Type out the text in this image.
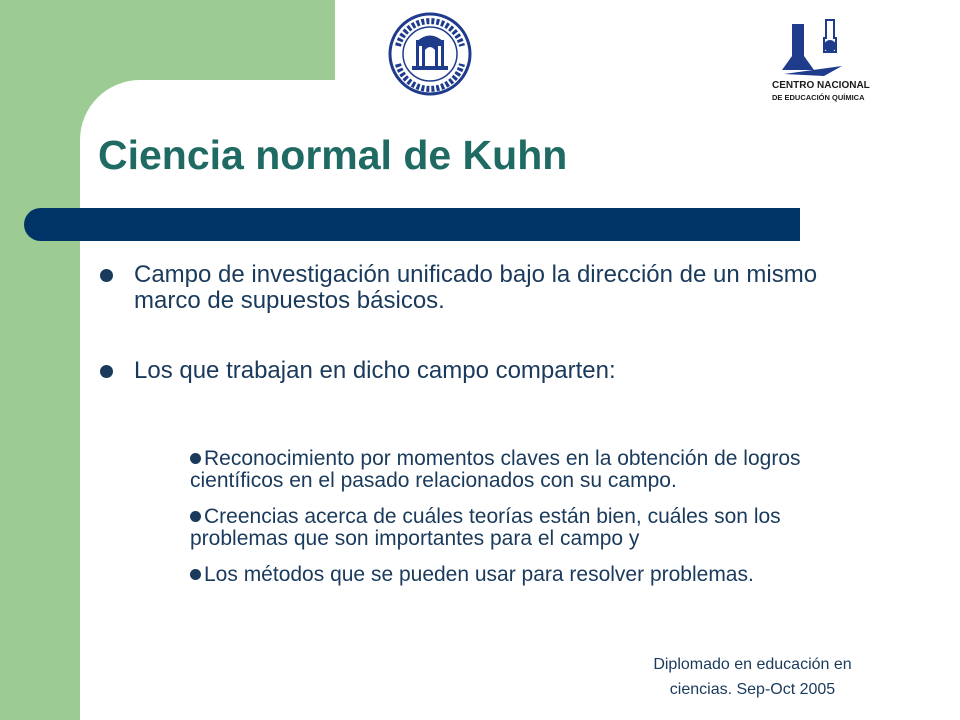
CENTRO NACIONAL
DE EDUCACIÓN QUÍMICA
Ciencia normal de Kuhn
Campo de investigación unificado bajo la dirección de un mismo marco de supuestos básicos.
Los que trabajan en dicho campo comparten:
Reconocimiento por momentos claves en la obtención de logros científicos en el pasado relacionados con su campo.
Creencias acerca de cuáles teorías están bien, cuáles son los problemas que son importantes para el campo y
Los métodos que se pueden usar para resolver problemas.
Diplomado en educación en
ciencias. Sep-Oct 2005
